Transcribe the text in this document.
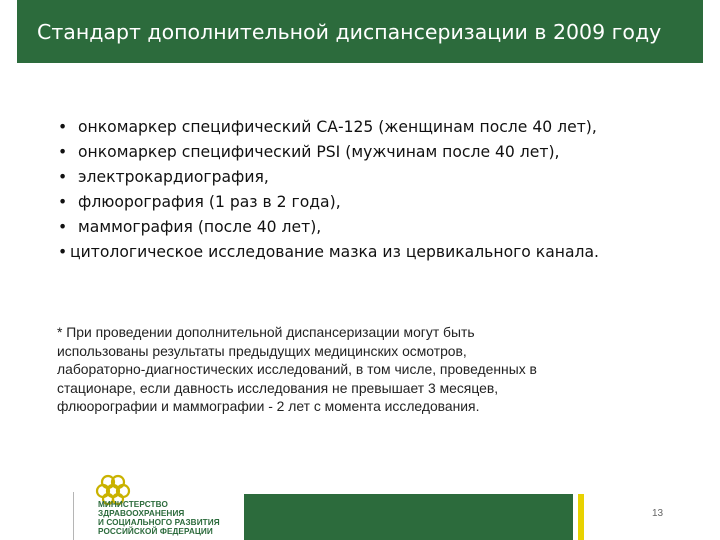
Стандарт дополнительной диспансеризации в 2009 году
• онкомаркер специфический СА-125 (женщинам после 40 лет),
• онкомаркер специфический PSI (мужчинам после 40 лет),
• электрокардиография,
• флюорография (1 раз в 2 года),
• маммография (после 40 лет),
• цитологическое исследование мазка из цервикального канала.
* При проведении дополнительной диспансеризации могут быть
использованы результаты предыдущих медицинских осмотров,
лабораторно-диагностических исследований, в том числе, проведенных в
стационаре, если давность исследования не превышает 3 месяцев,
флюорографии и маммографии - 2 лет с момента исследования.
МИНИСТЕРСТВО
ЗДРАВООХРАНЕНИЯ
И СОЦИАЛЬНОГО РАЗВИТИЯ
РОССИЙСКОЙ ФЕДЕРАЦИИ
13
